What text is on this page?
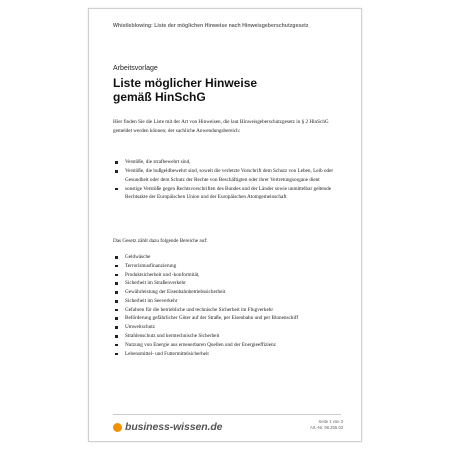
Whistleblowing: Liste der möglichen Hinweise nach Hinweisgeberschutzgesetz
Arbeitsvorlage
Liste möglicher Hinweise
gemäß HinSchG
Hier finden Sie die Liste mit der Art von Hinweisen, die laut Hinweisgeberschutzgesetz in § 2 HinSchG gemeldet werden können; der sachliche Anwendungsbereich:
Verstöße, die strafbewehrt sind,
Verstöße, die bußgeldbewehrt sind, soweit die verletzte Vorschrift dem Schutz von Leben, Leib oder Gesundheit oder dem Schutz der Rechte von Beschäftigten oder ihrer Vertretungsorgane dient
sonstige Verstöße gegen Rechtsvorschriften des Bundes und der Länder sowie unmittelbar geltende Rechtsakte der Europäischen Union und der Europäischen Atomgemeinschaft
Das Gesetz zählt dazu folgende Bereiche auf:
Geldwäsche
Terrorismusfinanzierung
Produktsicherheit und -konformität,
Sicherheit im Straßenverkehr
Gewährleistung der Eisenbahnbetriebssicherheit
Sicherheit im Seeverkehr
Gefahren für die betriebliche und technische Sicherheit im Flugverkehr
Beförderung gefährlicher Güter auf der Straße, per Eisenbahn und per Binnenschiff
Umweltschutz
Strahlenschutz und kerntechnische Sicherheit
Nutzung von Energie aus erneuerbaren Quellen und der Energieeffizienz
Lebensmittel- und Futtermittelsicherheit
business-wissen.de	Seite 1 von 3
Art.-Nr. 96.255.03
